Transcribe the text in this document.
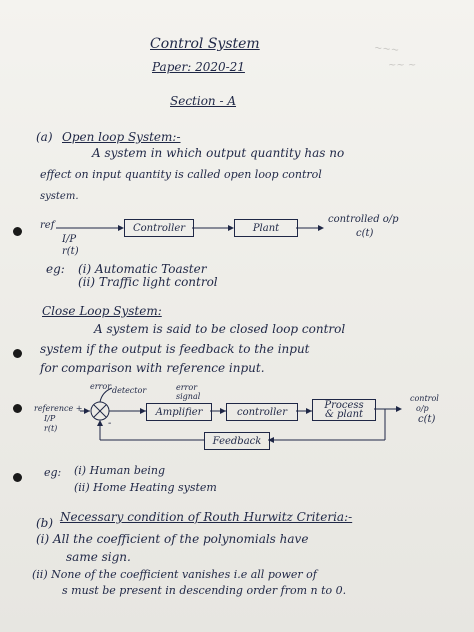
~~~
~~ ~
Control System
Paper: 2020-21
Section - A
(a) Open loop System:-
A system in which output quantity has no
effect on input quantity is called open loop control
system.
ref
I/P
r(t)
Controller	Plant
controlled o/p
c(t)
eg: (i) Automatic Toaster
(ii) Traffic light control
Close Loop System:
A system is said to be closed loop control
system if the output is feedback to the input
for comparison with reference input.
error detector	error
signal
reference +
I/P
r(t)	-
Amplifier	controller
Process
& plant
Feedback
control
o/p
c(t)
eg: (i) Human being
(ii) Home Heating system
(b) Necessary condition of Routh Hurwitz Criteria:-
(i) All the coefficient of the polynomials have
same sign.
(ii) None of the coefficient vanishes i.e all power of
s must be present in descending order from n to 0.
